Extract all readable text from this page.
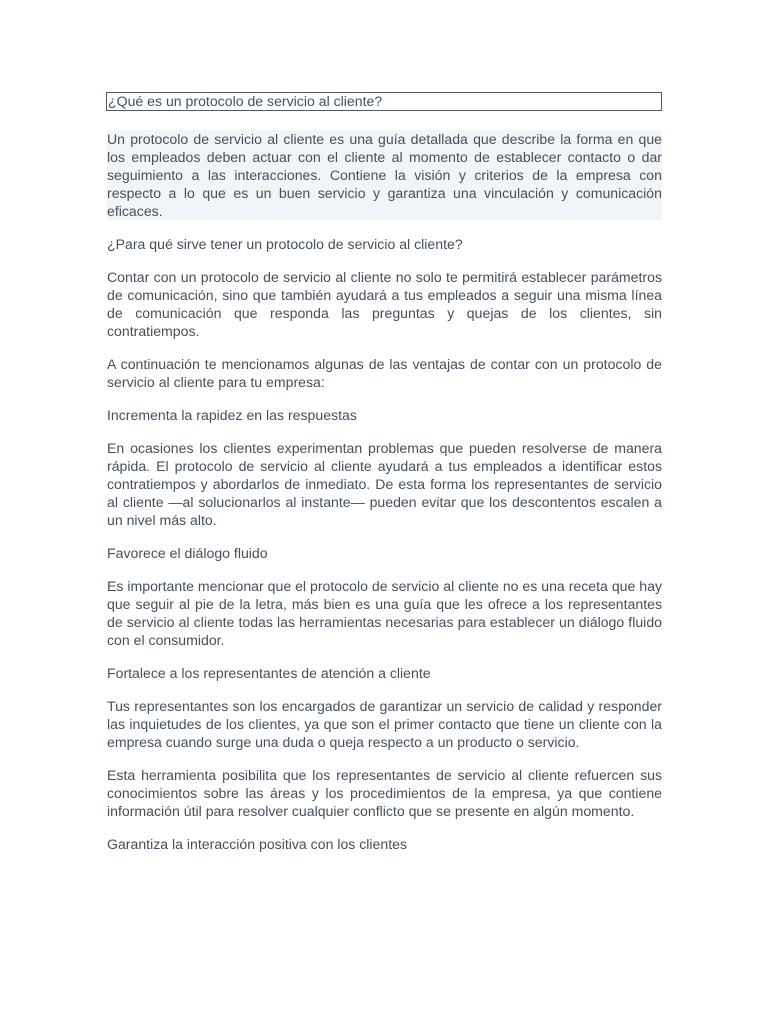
¿Qué es un protocolo de servicio al cliente?

Un protocolo de servicio al cliente es una guía detallada que describe la forma en que los empleados deben actuar con el cliente al momento de establecer contacto o dar seguimiento a las interacciones. Contiene la visión y criterios de la empresa con respecto a lo que es un buen servicio y garantiza una vinculación y comunicación eficaces.

¿Para qué sirve tener un protocolo de servicio al cliente?

Contar con un protocolo de servicio al cliente no solo te permitirá establecer parámetros de comunicación, sino que también ayudará a tus empleados a seguir una misma línea de comunicación que responda las preguntas y quejas de los clientes, sin contratiempos.

A continuación te mencionamos algunas de las ventajas de contar con un protocolo de servicio al cliente para tu empresa:

Incrementa la rapidez en las respuestas

En ocasiones los clientes experimentan problemas que pueden resolverse de manera rápida. El protocolo de servicio al cliente ayudará a tus empleados a identificar estos contratiempos y abordarlos de inmediato. De esta forma los representantes de servicio al cliente —al solucionarlos al instante— pueden evitar que los descontentos escalen a un nivel más alto.

Favorece el diálogo fluido

Es importante mencionar que el protocolo de servicio al cliente no es una receta que hay que seguir al pie de la letra, más bien es una guía que les ofrece a los representantes de servicio al cliente todas las herramientas necesarias para establecer un diálogo fluido con el consumidor.

Fortalece a los representantes de atención a cliente

Tus representantes son los encargados de garantizar un servicio de calidad y responder las inquietudes de los clientes, ya que son el primer contacto que tiene un cliente con la empresa cuando surge una duda o queja respecto a un producto o servicio.

Esta herramienta posibilita que los representantes de servicio al cliente refuercen sus conocimientos sobre las áreas y los procedimientos de la empresa, ya que contiene información útil para resolver cualquier conflicto que se presente en algún momento.

Garantiza la interacción positiva con los clientes
